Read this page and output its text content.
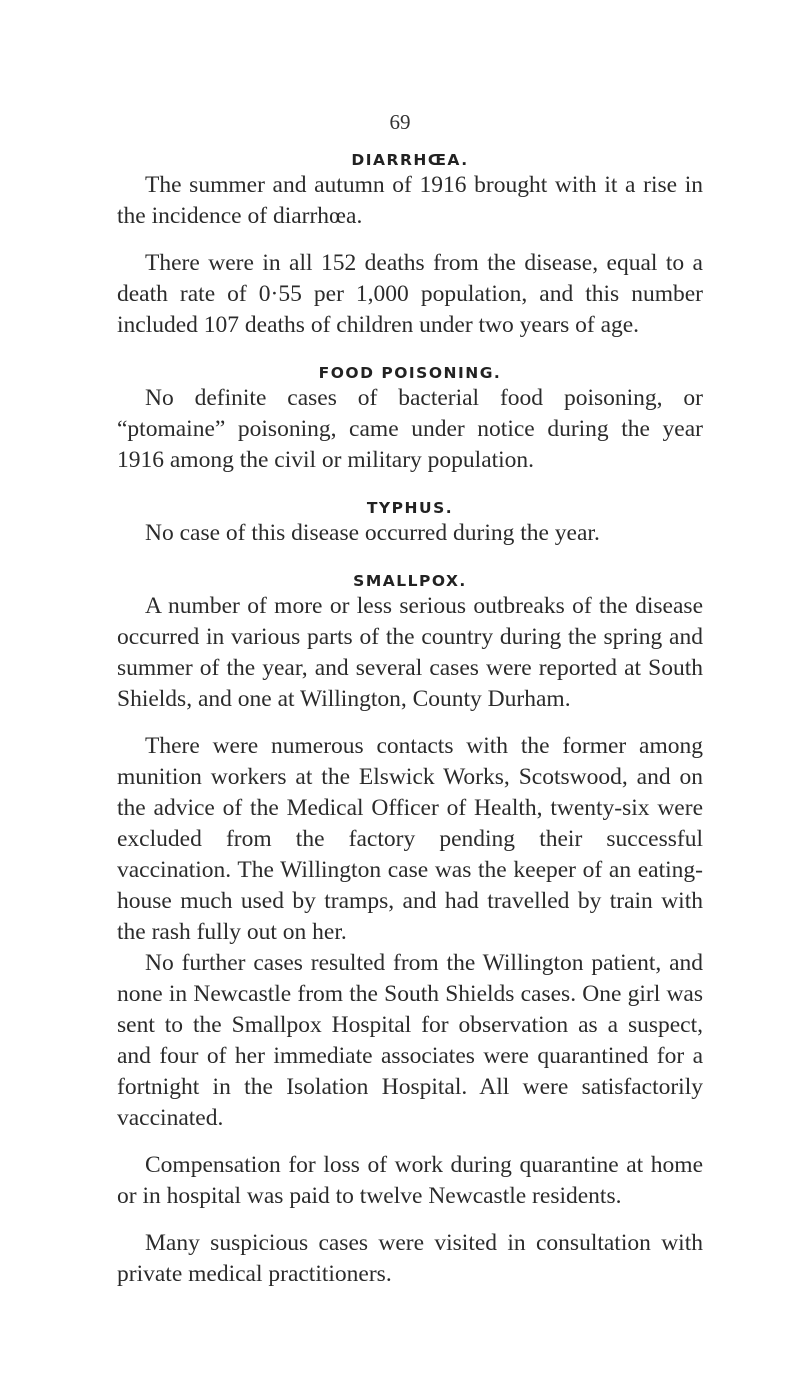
69
DIARRHŒA.

The summer and autumn of 1916 brought with it a rise in the incidence of diarrhœa.

There were in all 152 deaths from the disease, equal to a death rate of 0·55 per 1,000 population, and this number included 107 deaths of children under two years of age.

FOOD POISONING.

No definite cases of bacterial food poisoning, or “ptomaine” poisoning, came under notice during the year 1916 among the civil or military population.

TYPHUS.

No case of this disease occurred during the year.

SMALLPOX.

A number of more or less serious outbreaks of the disease occurred in various parts of the country during the spring and summer of the year, and several cases were reported at South Shields, and one at Willington, County Durham.

There were numerous contacts with the former among munition workers at the Elswick Works, Scotswood, and on the advice of the Medical Officer of Health, twenty-six were excluded from the factory pending their successful vaccination. The Willington case was the keeper of an eating-house much used by tramps, and had travelled by train with the rash fully out on her.

No further cases resulted from the Willington patient, and none in Newcastle from the South Shields cases. One girl was sent to the Smallpox Hospital for observation as a suspect, and four of her immediate associates were quarantined for a fortnight in the Isolation Hospital. All were satisfactorily vaccinated.

Compensation for loss of work during quarantine at home or in hospital was paid to twelve Newcastle residents.

Many suspicious cases were visited in consultation with private medical practitioners.
